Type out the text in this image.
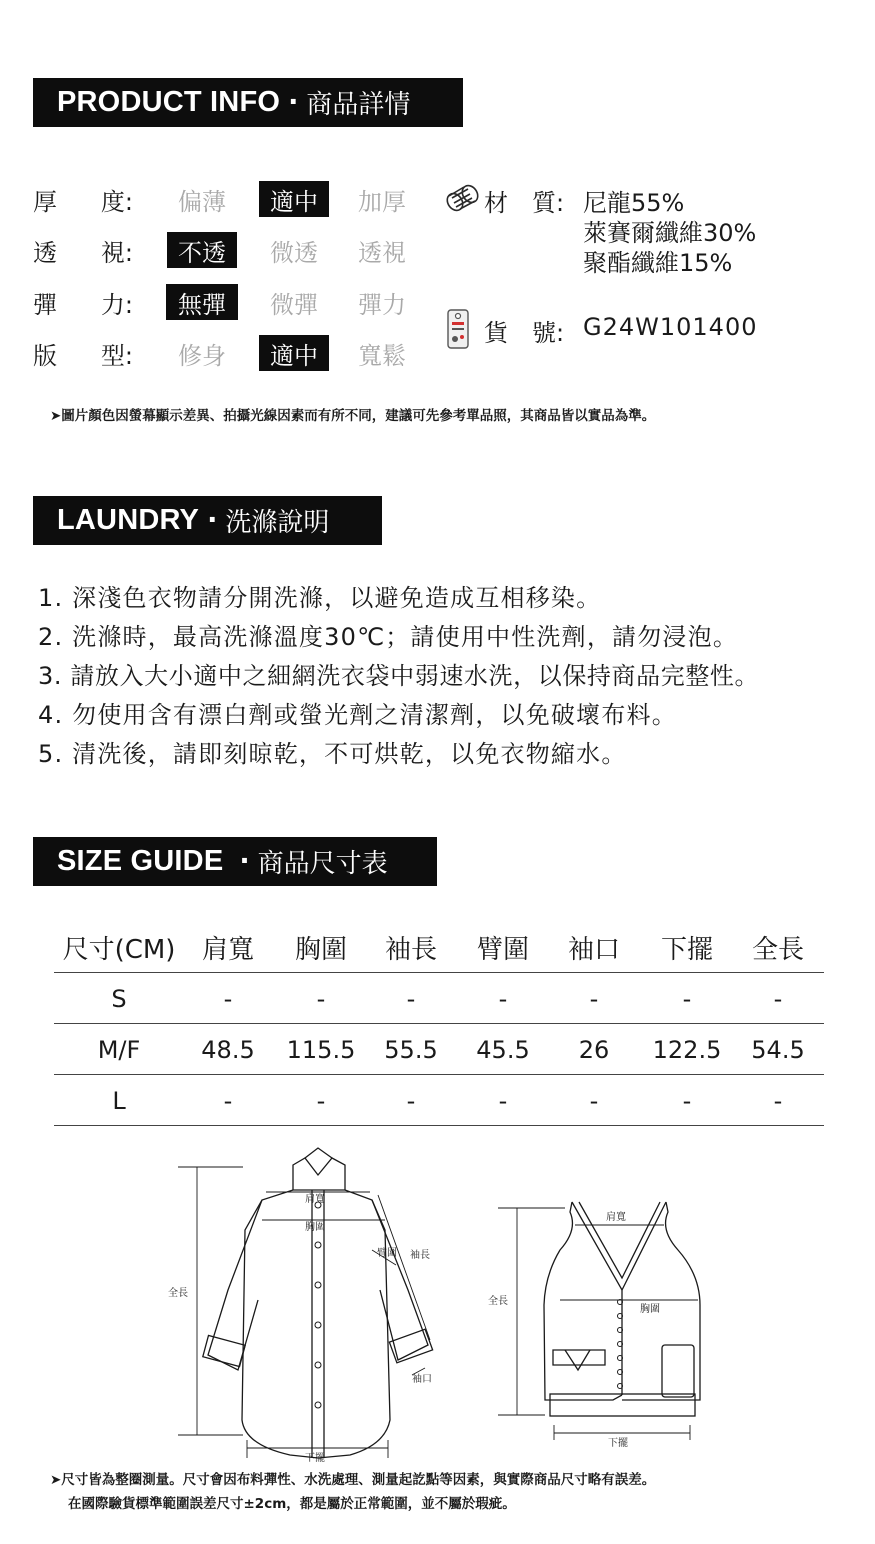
PRODUCT INFO · 商品詳情
厚 度:	偏薄	適中	加厚
透 視:	不透	微透	透視
彈 力:	無彈	微彈	彈力
版 型:	修身	適中	寬鬆
材 質: 尼龍55%
萊賽爾纖維30%
聚酯纖維15%
貨 號: G24W101400
➤圖片顏色因螢幕顯示差異、拍攝光線因素而有所不同，建議可先參考單品照，其商品皆以實品為準。
LAUNDRY · 洗滌說明
1. 深淺色衣物請分開洗滌，以避免造成互相移染。
2. 洗滌時，最高洗滌溫度30℃；請使用中性洗劑，請勿浸泡。
3. 請放入大小適中之細網洗衣袋中弱速水洗，以保持商品完整性。
4. 勿使用含有漂白劑或螢光劑之清潔劑，以免破壞布料。
5. 清洗後，請即刻晾乾，不可烘乾，以免衣物縮水。
SIZE GUIDE · 商品尺寸表
尺寸(CM)	肩寬	胸圍	袖長	臂圍	袖口	下擺	全長
S	-	-	-	-	-	-	-
M/F	48.5	115.5	55.5	45.5	26	122.5	54.5
L	-	-	-	-	-	-	-
全長
肩寬
胸圍
臂圍 袖長
袖口
下擺
肩寬
全長
胸圍
下擺
➤尺寸皆為整圈測量。尺寸會因布料彈性、水洗處理、測量起訖點等因素，與實際商品尺寸略有誤差。
在國際驗貨標準範圍誤差尺寸±2cm，都是屬於正常範圍，並不屬於瑕疵。
